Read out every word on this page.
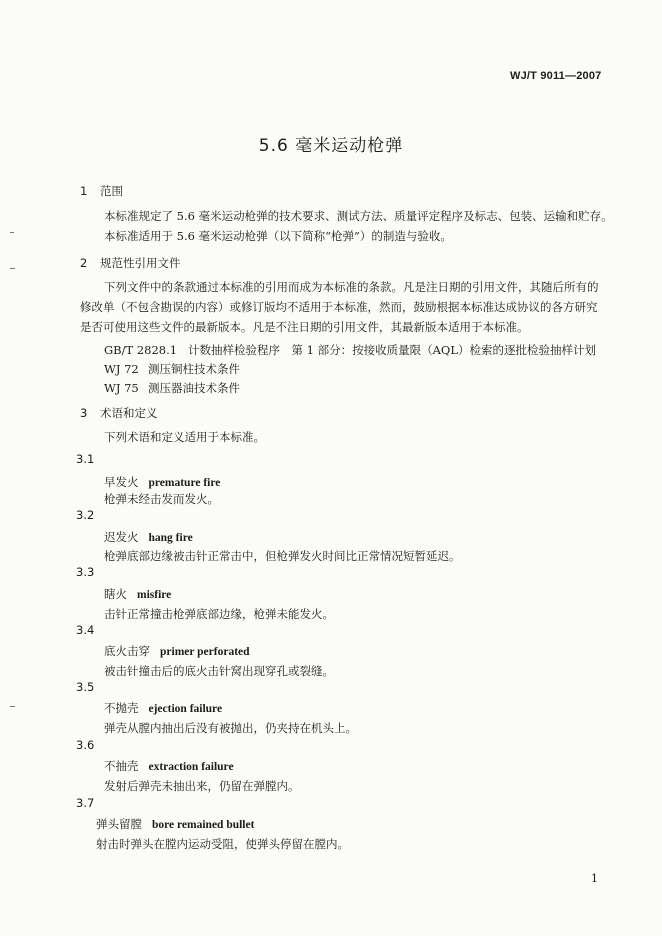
WJ/T 9011—2007
5.6 毫米运动枪弹
1 范围
本标准规定了 5.6 毫米运动枪弹的技术要求、测试方法、质量评定程序及标志、包装、运输和贮存。
本标准适用于 5.6 毫米运动枪弹（以下简称“枪弹”）的制造与验收。
2 规范性引用文件
下列文件中的条款通过本标准的引用而成为本标准的条款。凡是注日期的引用文件，其随后所有的
修改单（不包含勘误的内容）或修订版均不适用于本标准，然而，鼓励根据本标准达成协议的各方研究
是否可使用这些文件的最新版本。凡是不注日期的引用文件，其最新版本适用于本标准。
GB/T 2828.1 计数抽样检验程序　第 1 部分：按接收质量限（AQL）检索的逐批检验抽样计划
WJ 72 测压铜柱技术条件
WJ 75 测压器油技术条件
3 术语和定义
下列术语和定义适用于本标准。
3.1
早发火 premature fire
枪弹未经击发而发火。
3.2
迟发火 hang fire
枪弹底部边缘被击针正常击中，但枪弹发火时间比正常情况短暂延迟。
3.3
瞎火 misfire
击针正常撞击枪弹底部边缘，枪弹未能发火。
3.4
底火击穿 primer perforated
被击针撞击后的底火击针窝出现穿孔或裂缝。
3.5
不抛壳 ejection failure
弹壳从膛内抽出后没有被抛出，仍夹持在机头上。
3.6
不抽壳 extraction failure
发射后弹壳未抽出来，仍留在弹膛内。
3.7
弹头留膛 bore remained bullet
射击时弹头在膛内运动受阻，使弹头停留在膛内。
1
